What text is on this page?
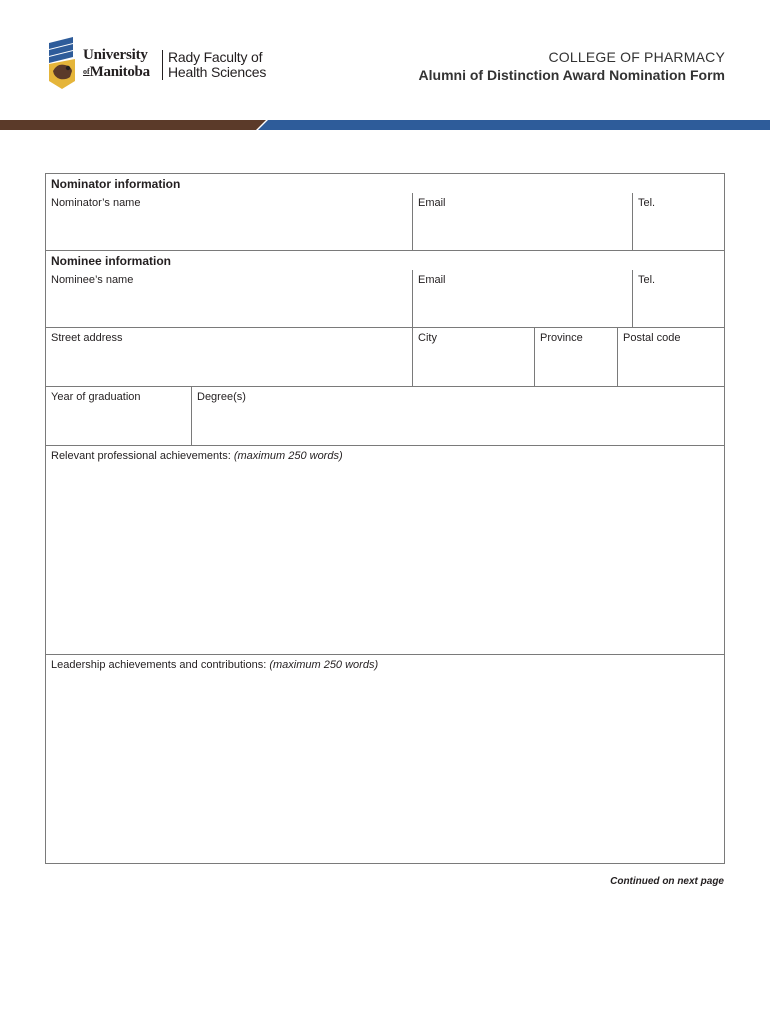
University
ofManitoba
Rady Faculty of
Health Sciences
COLLEGE OF PHARMACY
Alumni of Distinction Award Nomination Form
Nominator information					
Nominator’s name		Email			Tel.
Nominee information					
Nominee’s name		Email			Tel.
Street address		City	Province	Postal code	
Year of graduation	Degree(s)				
Relevant professional achievements: (maximum 250 words)					
Leadership achievements and contributions: (maximum 250 words)					
Continued on next page
